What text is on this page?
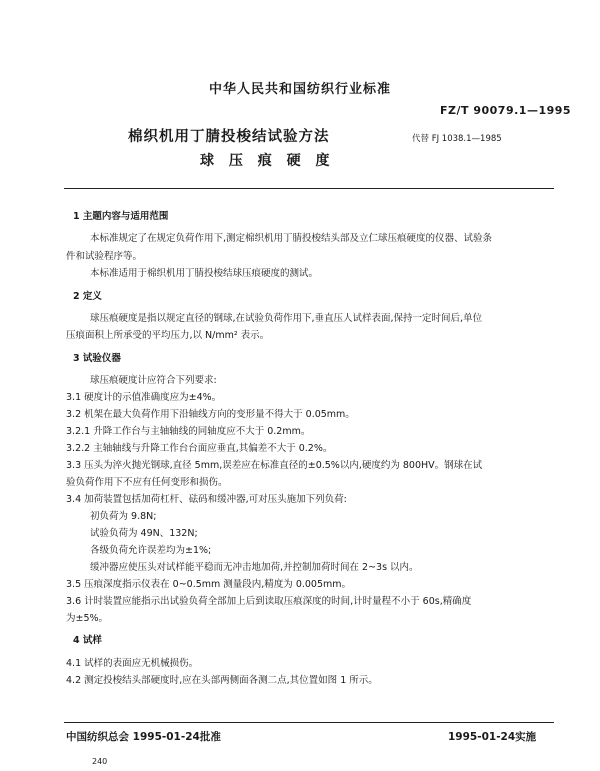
中华人民共和国纺织行业标准
FZ/T 90079.1—1995
棉织机用丁腈投梭结试验方法	代替 FJ 1038.1—1985
球 压 痕 硬 度
1 主题内容与适用范围
本标准规定了在规定负荷作用下,测定棉织机用丁腈投梭结头部及立仁球压痕硬度的仪器、试验条
件和试验程序等。
本标准适用于棉织机用丁腈投梭结球压痕硬度的测试。
2 定义
球压痕硬度是指以规定直径的钢球,在试验负荷作用下,垂直压人试样表面,保持一定时间后,单位
压痕面积上所承受的平均压力,以 N/mm² 表示。
3 试验仪器
球压痕硬度计应符合下列要求:
3.1 硬度计的示值准确度应为±4%。
3.2 机架在最大负荷作用下沿轴线方向的变形量不得大于 0.05mm。
3.2.1 升降工作台与主轴轴线的同轴度应不大于 0.2mm。
3.2.2 主轴轴线与升降工作台台面应垂直,其偏差不大于 0.2%。
3.3 压头为淬火抛光钢球,直径 5mm,误差应在标准直径的±0.5%以内,硬度约为 800HV。钢球在试
验负荷作用下不应有任何变形和损伤。
3.4 加荷装置包括加荷杠杆、砝码和缓冲器,可对压头施加下列负荷:
初负荷为 9.8N;
试验负荷为 49N、132N;
各级负荷允许误差均为±1%;
缓冲器应使压头对试样能平稳而无冲击地加荷,并控制加荷时间在 2~3s 以内。
3.5 压痕深度指示仪表在 0~0.5mm 测量段内,精度为 0.005mm。
3.6 计时装置应能指示出试验负荷全部加上后到读取压痕深度的时间,计时量程不小于 60s,精确度
为±5%。
4 试样
4.1 试样的表面应无机械损伤。
4.2 测定投梭结头部硬度时,应在头部两侧面各测二点,其位置如图 1 所示。
中国纺织总会 1995-01-24批准	1995-01-24实施
240
